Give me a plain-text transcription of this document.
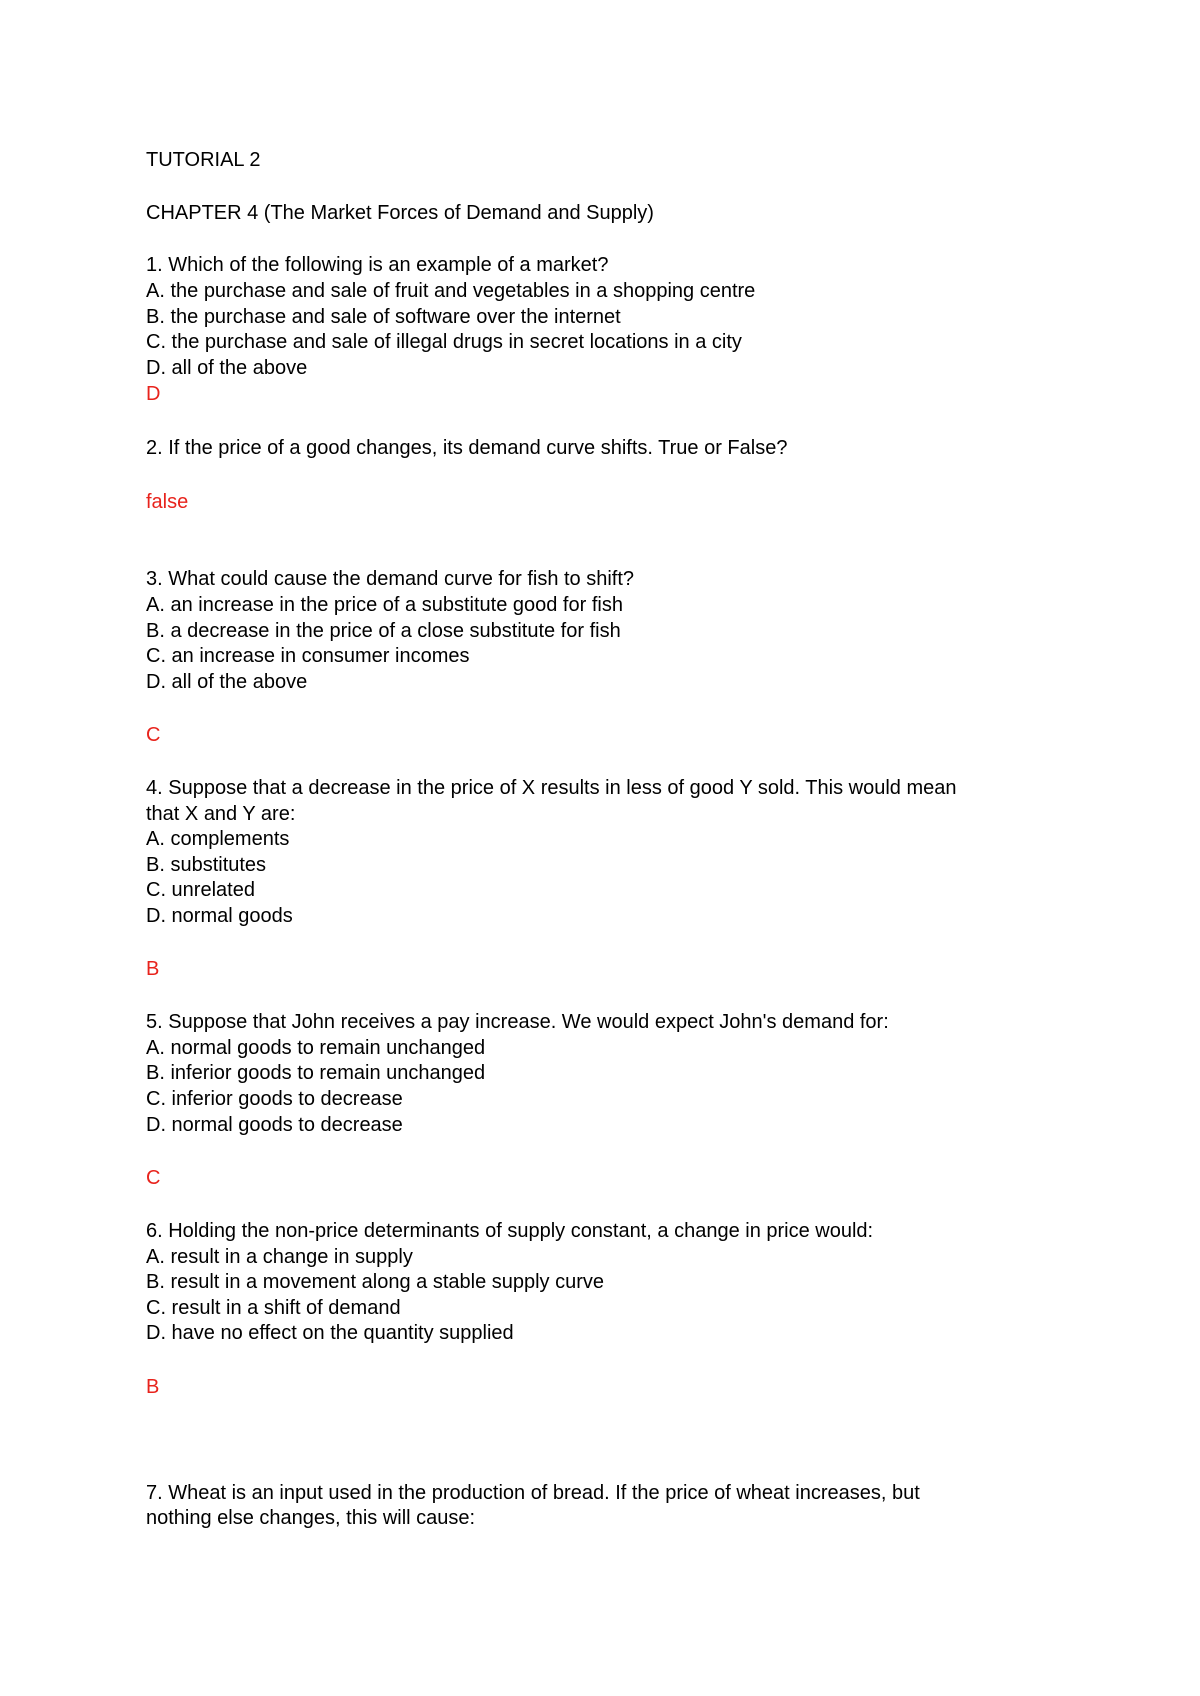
TUTORIAL 2
CHAPTER 4 (The Market Forces of Demand and Supply)
1. Which of the following is an example of a market?
A. the purchase and sale of fruit and vegetables in a shopping centre
B. the purchase and sale of software over the internet
C. the purchase and sale of illegal drugs in secret locations in a city
D. all of the above
D
2. If the price of a good changes, its demand curve shifts. True or False?
false
3. What could cause the demand curve for fish to shift?
A. an increase in the price of a substitute good for fish
B. a decrease in the price of a close substitute for fish
C. an increase in consumer incomes
D. all of the above
C
4. Suppose that a decrease in the price of X results in less of good Y sold. This would mean
that X and Y are:
A. complements
B. substitutes
C. unrelated
D. normal goods
B
5. Suppose that John receives a pay increase. We would expect John's demand for:
A. normal goods to remain unchanged
B. inferior goods to remain unchanged
C. inferior goods to decrease
D. normal goods to decrease
C
6. Holding the non-price determinants of supply constant, a change in price would:
A. result in a change in supply
B. result in a movement along a stable supply curve
C. result in a shift of demand
D. have no effect on the quantity supplied
B
7. Wheat is an input used in the production of bread. If the price of wheat increases, but
nothing else changes, this will cause:
